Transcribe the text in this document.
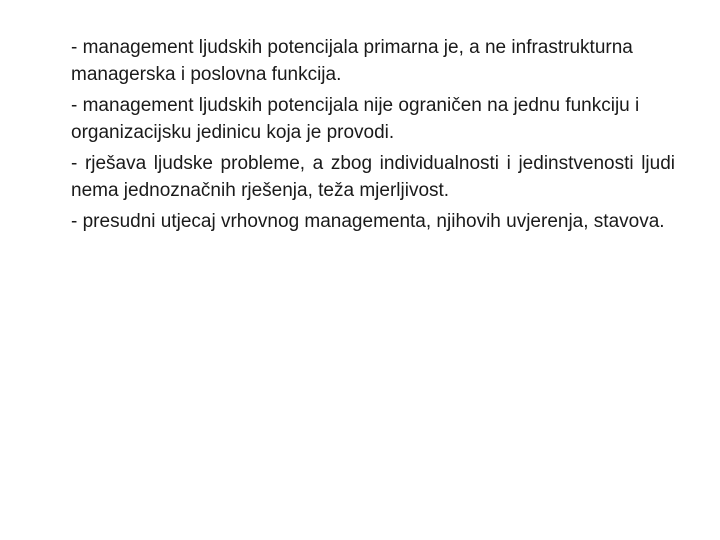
- management ljudskih potencijala primarna je, a ne infrastrukturna managerska i poslovna funkcija.

- management ljudskih potencijala nije ograničen na jednu funkciju i organizacijsku jedinicu koja je provodi.

- rješava ljudske probleme, a zbog individualnosti i jedinstvenosti ljudi nema jednoznačnih rješenja, teža mjerljivost.

- presudni utjecaj vrhovnog managementa, njihovih uvjerenja, stavova.
